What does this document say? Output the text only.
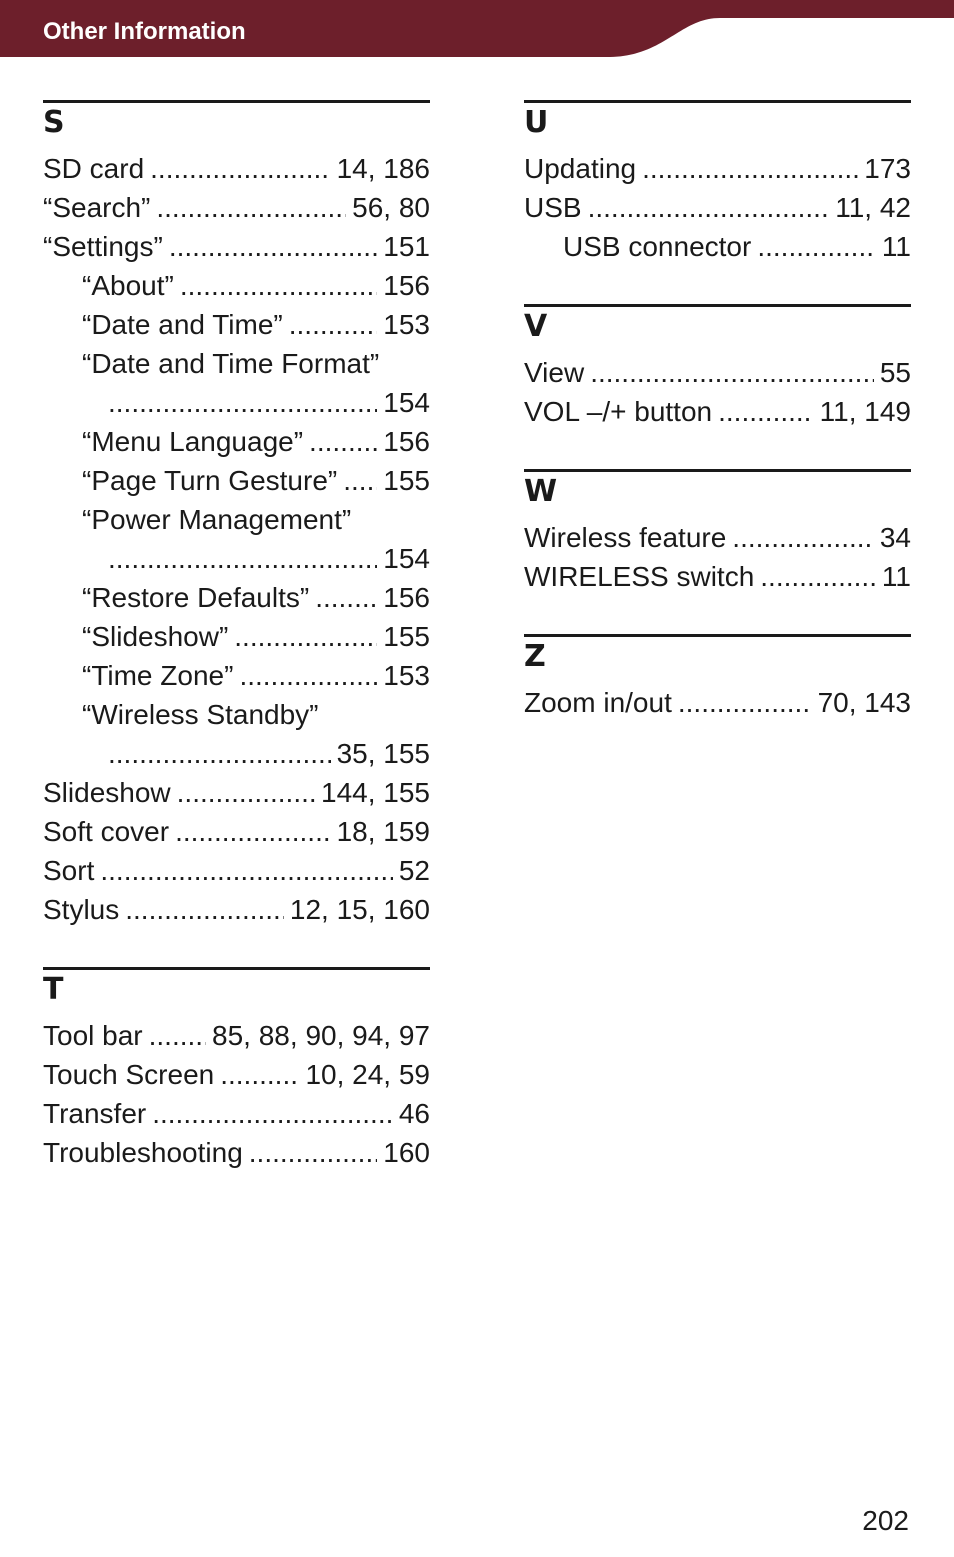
Other Information
S
SD card .....	14, 186
“Search” .....	56, 80
“Settings” .....	151
“About” .....	156
“Date and Time” .....	153
“Date and Time Format”
.....
154
“Menu Language” .....	156
“Page Turn Gesture” ..... 155
“Power Management”
.....
154
“Restore Defaults” .....	156
“Slideshow” .....	155
“Time Zone” .....	153
“Wireless Standby”
.....
35, 155
Slideshow .....	144, 155
Soft cover .....	18, 159
Sort .....	52
Stylus .....	12, 15, 160
T
Tool bar ..... 85, 88, 90, 94, 97
Touch Screen .....	10, 24, 59
Transfer .....	46
Troubleshooting .....	160
U
Updating .....	173
USB .....	11, 42
USB connector .....	11
V
View .....	55
VOL –/+ button .....	11, 149
W
Wireless feature .....	34
WIRELESS switch .....	11
Z
Zoom in/out .....	70, 143
202
